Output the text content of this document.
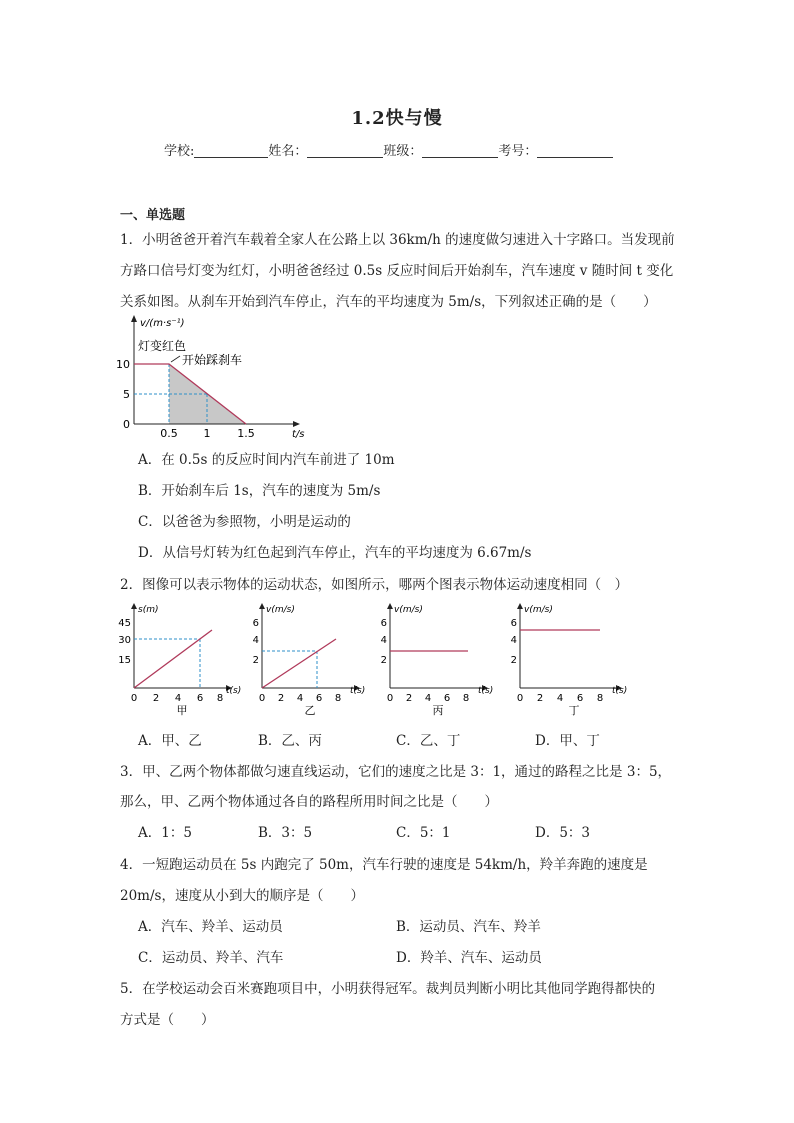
1.2快与慢
学校:	姓名：	班级：	考号：
一、单选题
1．小明爸爸开着汽车载着全家人在公路上以 36km/h 的速度做匀速进入十字路口。当发现前
方路口信号灯变为红灯，小明爸爸经过 0.5s 反应时间后开始刹车，汽车速度 v 随时间 t 变化
关系如图。从刹车开始到汽车停止，汽车的平均速度为 5m/s，下列叙述正确的是（　　）
v/(m·s⁻¹)
灯变红色
开始踩刹车
10
5
0
0.5 1 1.5	t/s
A．在 0.5s 的反应时间内汽车前进了 10m
B．开始刹车后 1s，汽车的速度为 5m/s
C．以爸爸为参照物，小明是运动的
D．从信号灯转为红色起到汽车停止，汽车的平均速度为 6.67m/s
2．图像可以表示物体的运动状态，如图所示，哪两个图表示物体运动速度相同（　）
s(m)
45
30
15
0 2 4 6 8
t(s)
甲
v(m/s)
6
4
2
0 2 4 6 8
t(s)
乙
v(m/s)
6
4
2
0 2 4 6 8
t(s)
丙
v(m/s)
6
4
2
0 2 4 6 8
t(s)
丁
A．甲、乙	B．乙、丙	C．乙、丁	D．甲、丁
3．甲、乙两个物体都做匀速直线运动，它们的速度之比是 3：1，通过的路程之比是 3：5，
那么，甲、乙两个物体通过各自的路程所用时间之比是（　　）
A．1：5	B．3：5	C．5：1	D．5：3
4．一短跑运动员在 5s 内跑完了 50m，汽车行驶的速度是 54km/h，羚羊奔跑的速度是
20m/s，速度从小到大的顺序是（　　）
A．汽车、羚羊、运动员	B．运动员、汽车、羚羊
C．运动员、羚羊、汽车	D．羚羊、汽车、运动员
5．在学校运动会百米赛跑项目中，小明获得冠军。裁判员判断小明比其他同学跑得都快的
方式是（　　）
